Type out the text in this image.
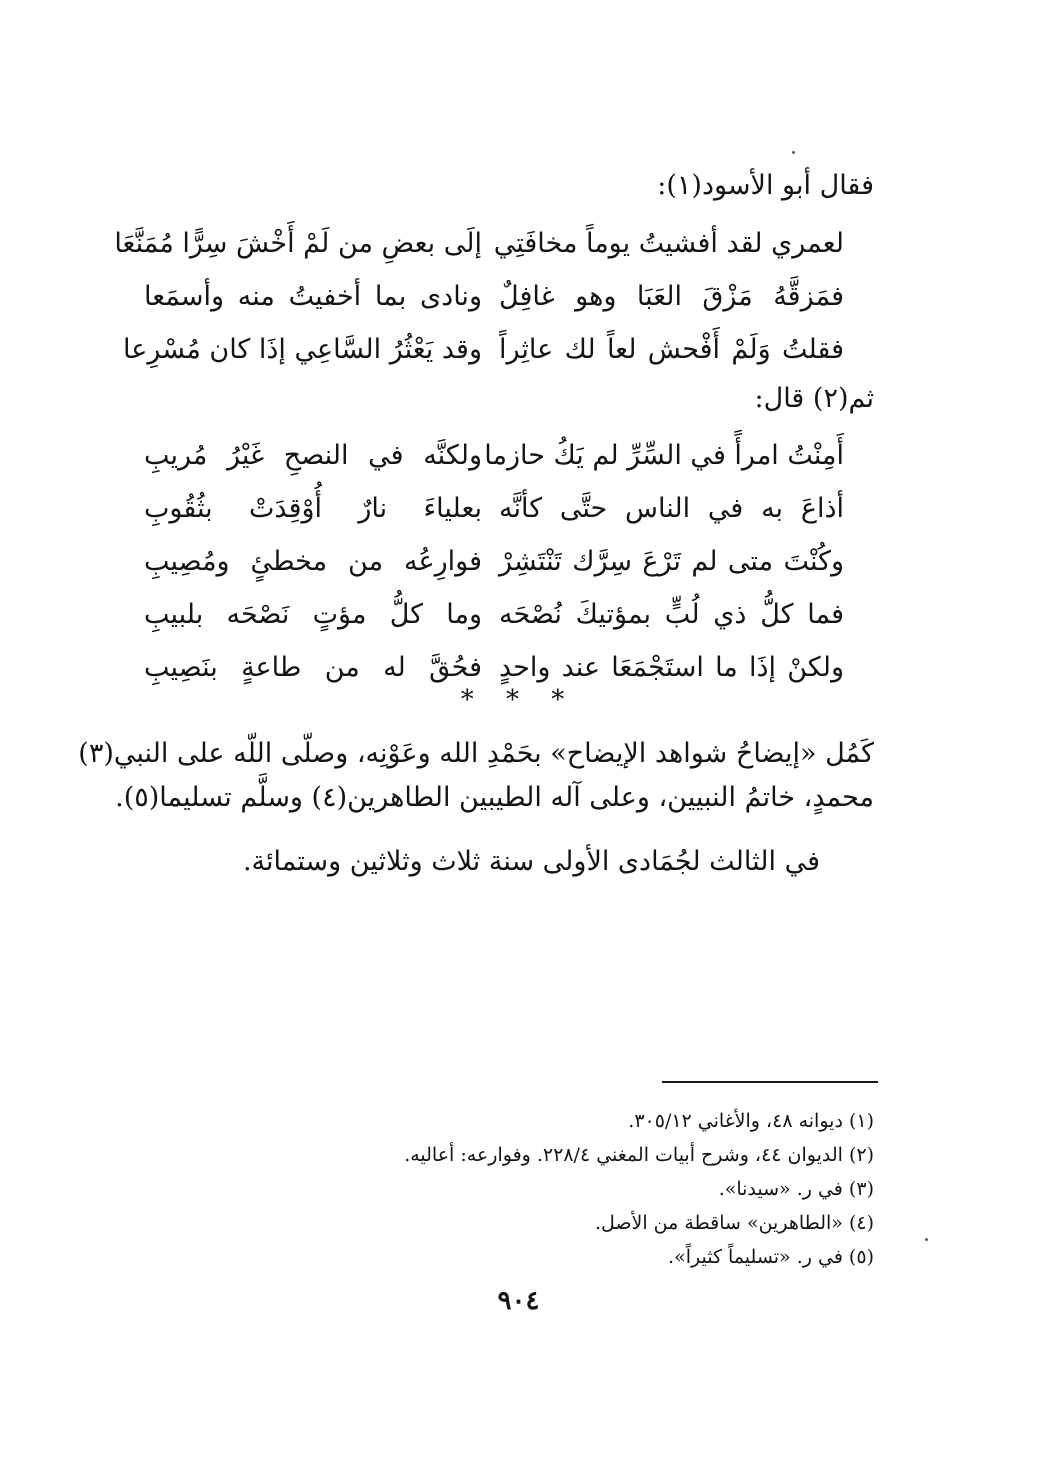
فقال أبو الأسود(١):
لعمري لقد أفشيتُ يوماً مخافَتِي
إلَى بعضِ من لَمْ أَخْشَ سِرًّا مُمَنَّعَا
فمَزقَّهُ مَزْقَ العَبَا وهو غافِلٌ
ونادى بما أخفيتُ منه وأسمَعا
فقلتُ وَلَمْ أَفْحش لعاً لك عاثِراً
وقد يَعْثُرُ السَّاعِي إذَا كان مُسْرِعا
ثم(٢) قال:
أَمِنْتُ امرأً في السِّرِّ لم يَكُ حازما
ولكنَّه في النصحِ غَيْرُ مُريبِ
أذاعَ به في الناس حتَّى كأنَّه
بعلياءَ نارٌ أُوْقِدَتْ بثُقُوبِ
وكُنْتَ متى لم تَرْعَ سِرَّك تَنْتَشِرْ
فوارِعُه من مخطئٍ ومُصِيبِ
فما كلُّ ذي لُبٍّ بمؤتيكَ نُصْحَه
وما كلُّ مؤتٍ نَصْحَه بلبيبِ
ولكنْ إذَا ما استَجْمَعَا عند واحدٍ
فحُقَّ له من طاعةٍ بنَصِيبِ
* * *
كَمُل «إيضاحُ شواهد الإيضاح» بحَمْدِ الله وعَوْنِه، وصلّى اللّه على النبي(٣)
محمدٍ، خاتمُ النبيين، وعلى آله الطيبين الطاهرين(٤) وسلَّم تسليما(٥).
في الثالث لجُمَادى الأولى سنة ثلاث وثلاثين وستمائة.
(١) ديوانه ٤٨، والأغاني ٣٠٥/١٢.
(٢) الديوان ٤٤، وشرح أبيات المغني ٢٢٨/٤. وفوارعه: أعاليه.
(٣) في ر. «سيدنا».
(٤) «الطاهرين» ساقطة من الأصل.
(٥) في ر. «تسليماً كثيراً».
٩٠٤
